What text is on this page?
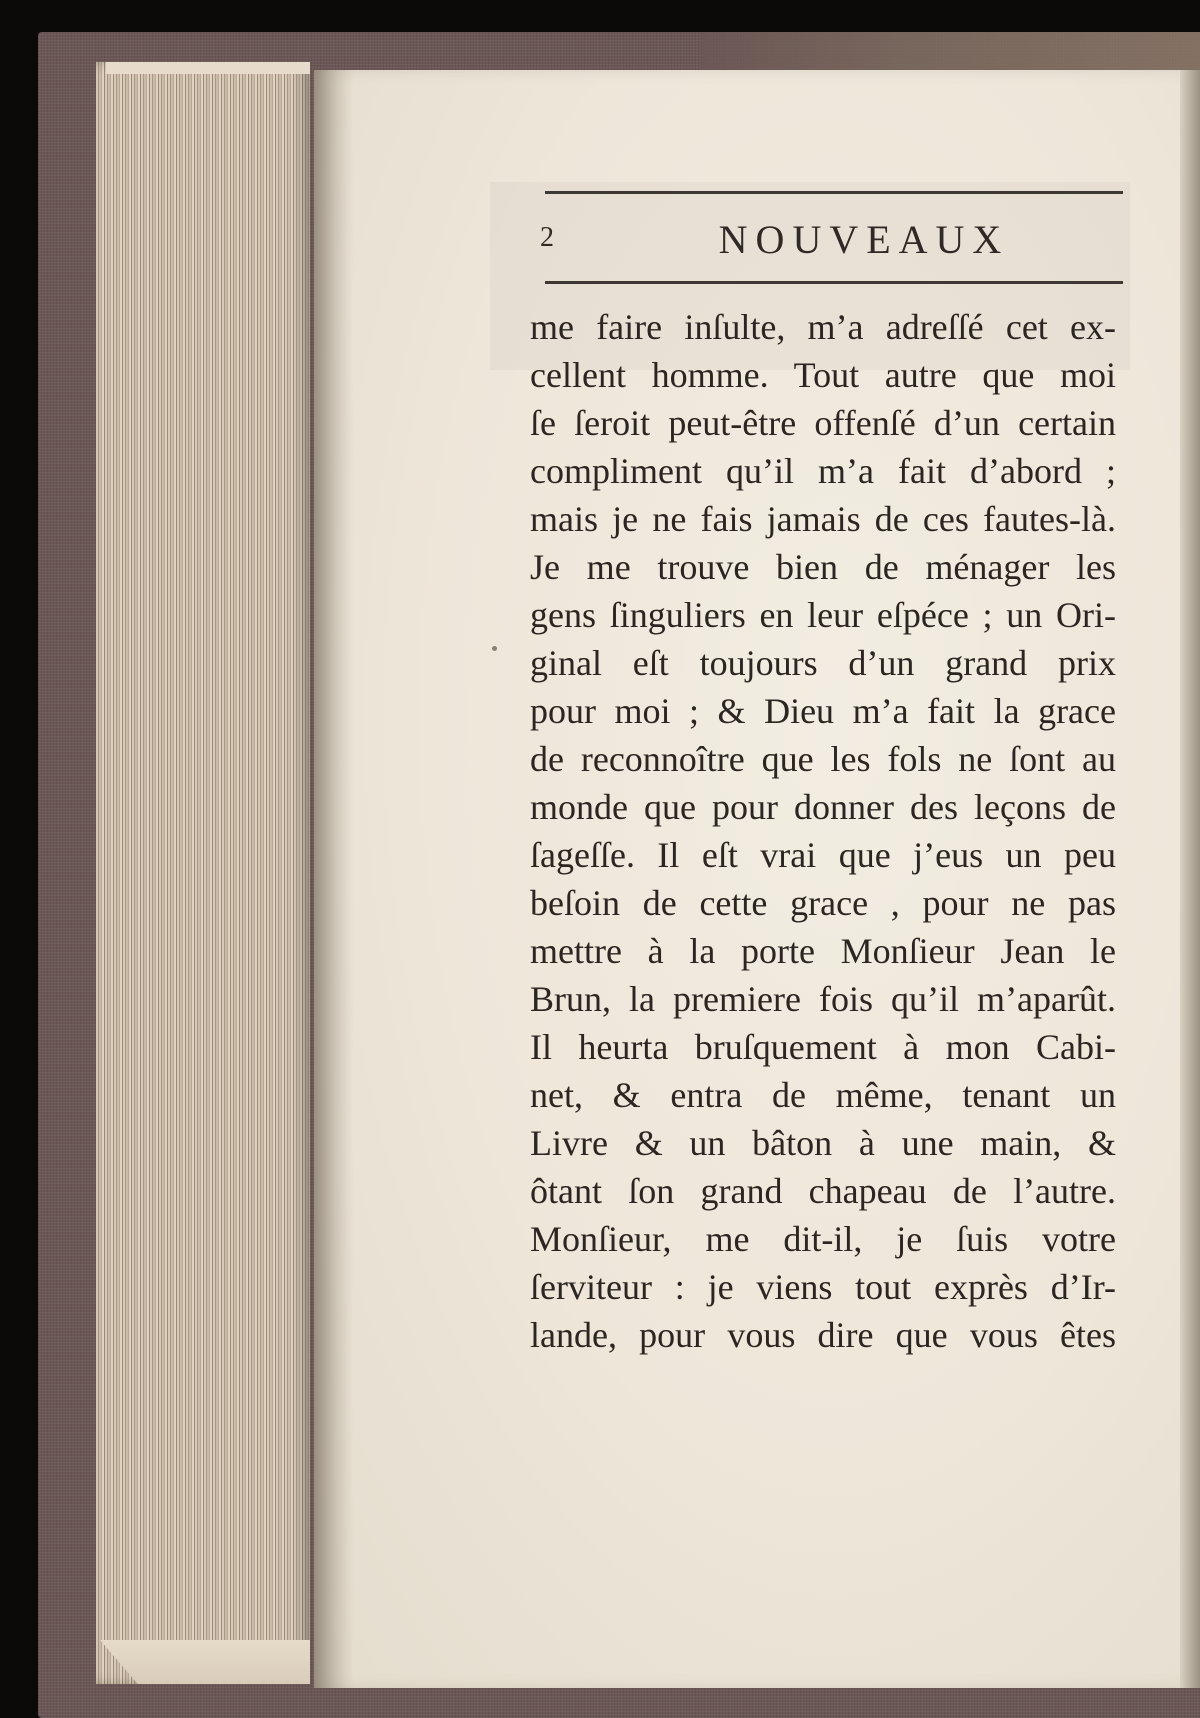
2	NOUVEAUX
me faire inſulte, m’a adreſſé cet ex-
cellent homme. Tout autre que moi
ſe ſeroit peut-être offenſé d’un certain
compliment qu’il m’a fait d’abord ;
mais je ne fais jamais de ces fautes-là.
Je me trouve bien de ménager les
gens ſinguliers en leur eſpéce ; un Ori-
ginal eſt toujours d’un grand prix
pour moi ; & Dieu m’a fait la grace
de reconnoître que les fols ne ſont au
monde que pour donner des leçons de
ſageſſe. Il eſt vrai que j’eus un peu
beſoin de cette grace , pour ne pas
mettre à la porte Monſieur Jean le
Brun, la premiere fois qu’il m’aparût.
Il heurta bruſquement à mon Cabi-
net, & entra de même, tenant un
Livre & un bâton à une main, &
ôtant ſon grand chapeau de l’autre.
Monſieur, me dit-il, je ſuis votre
ſerviteur : je viens tout exprès d’Ir-
lande, pour vous dire que vous êtes
